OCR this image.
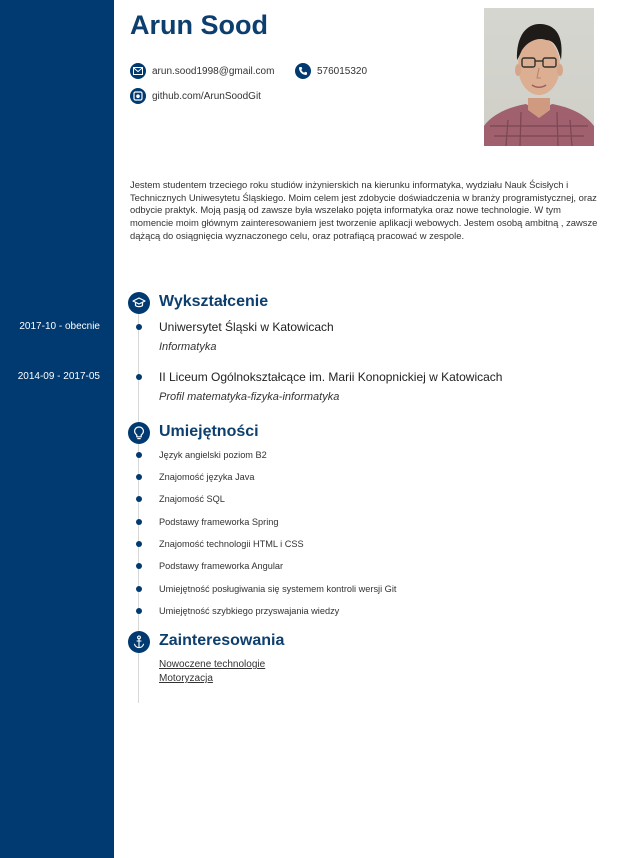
2017-10 - obecnie
2014-09 - 2017-05
Arun Sood
arun.sood1998@gmail.com	576015320
github.com/ArunSoodGit

Jestem studentem trzeciego roku studiów inżynierskich na kierunku informatyka, wydziału Nauk Ścisłych i Technicznych Uniwesytetu Śląskiego. Moim celem jest zdobycie doświadczenia w branży programistycznej, oraz odbycie praktyk. Moją pasją od zawsze była wszelako pojęta informatyka oraz nowe technologie. W tym momencie moim głównym zainteresowaniem jest tworzenie aplikacji webowych. Jestem osobą ambitną , zawsze dążącą do osiągnięcia wyznaczonego celu, oraz potrafiącą pracować w zespole.

Wykształcenie
Uniwersytet Śląski w Katowicach
Informatyka
II Liceum Ogólnokształcące im. Marii Konopnickiej w Katowicach
Profil matematyka-fizyka-informatyka
Umiejętności
Język angielski poziom B2
Znajomość języka Java
Znajomość SQL
Podstawy frameworka Spring
Znajomość technologii HTML i CSS
Podstawy frameworka Angular
Umiejętność posługiwania się systemem kontroli wersji Git
Umiejętność szybkiego przyswajania wiedzy
Zainteresowania
Nowoczene technologie
Motoryzacja
